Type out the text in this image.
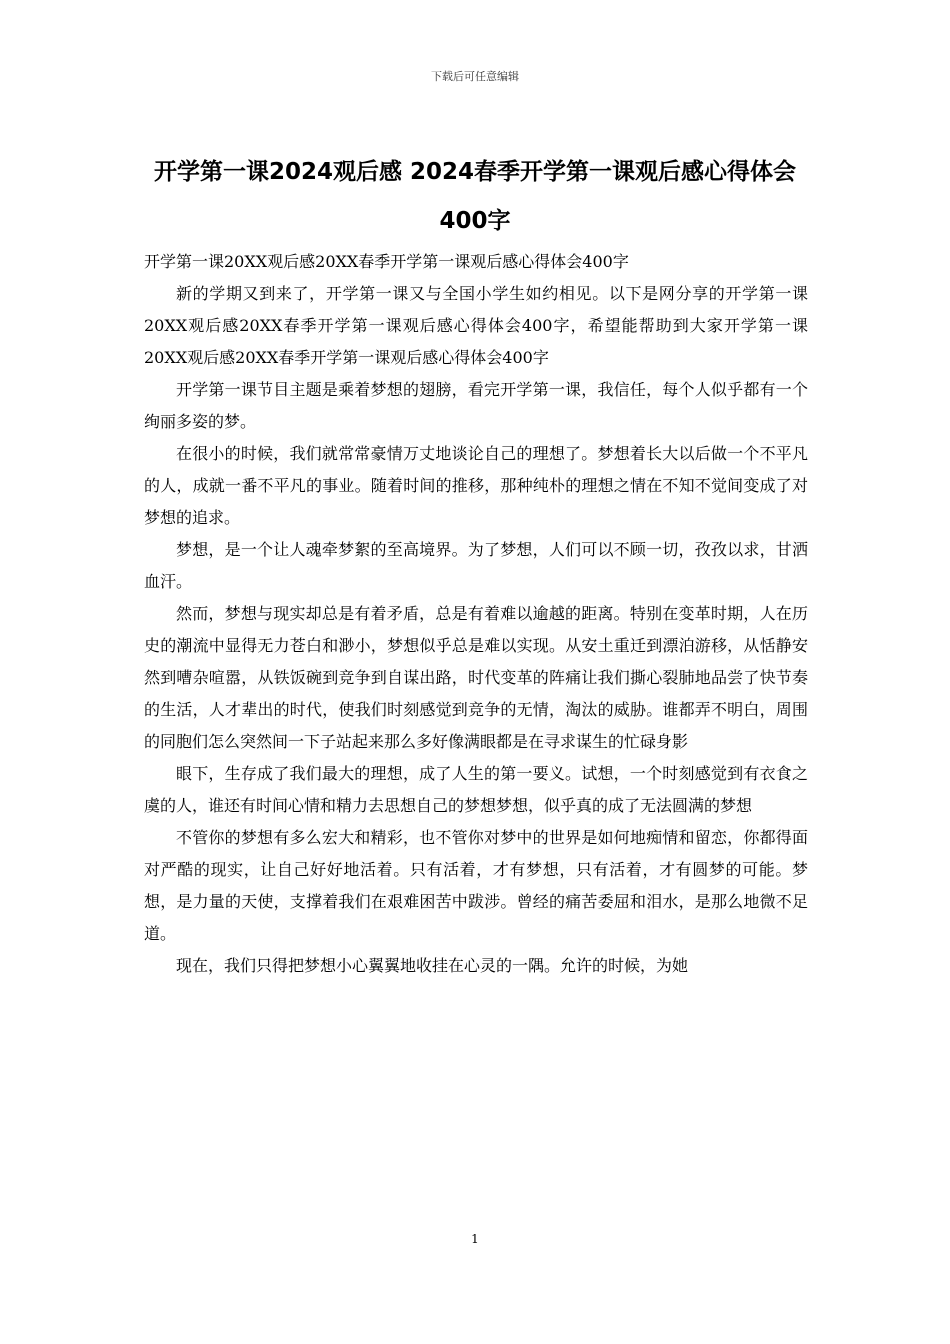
下载后可任意编辑
开学第一课2024观后感 2024春季开学第一课观后感心得体会400字

开学第一课20XX观后感20XX春季开学第一课观后感心得体会400字

新的学期又到来了，开学第一课又与全国小学生如约相见。以下是网分享的开学第一课20XX观后感20XX春季开学第一课观后感心得体会400字，希望能帮助到大家开学第一课20XX观后感20XX春季开学第一课观后感心得体会400字

开学第一课节目主题是乘着梦想的翅膀，看完开学第一课，我信任，每个人似乎都有一个绚丽多姿的梦。

在很小的时候，我们就常常豪情万丈地谈论自己的理想了。梦想着长大以后做一个不平凡的人，成就一番不平凡的事业。随着时间的推移，那种纯朴的理想之情在不知不觉间变成了对梦想的追求。

梦想，是一个让人魂牵梦絮的至高境界。为了梦想，人们可以不顾一切，孜孜以求，甘洒血汗。

然而，梦想与现实却总是有着矛盾，总是有着难以逾越的距离。特别在变革时期，人在历史的潮流中显得无力苍白和渺小，梦想似乎总是难以实现。从安土重迁到漂泊游移，从恬静安然到嘈杂喧嚣，从铁饭碗到竞争到自谋出路，时代变革的阵痛让我们撕心裂肺地品尝了快节奏的生活，人才辈出的时代，使我们时刻感觉到竞争的无情，淘汰的威胁。谁都弄不明白，周围的同胞们怎么突然间一下子站起来那么多好像满眼都是在寻求谋生的忙碌身影

眼下，生存成了我们最大的理想，成了人生的第一要义。试想，一个时刻感觉到有衣食之虞的人，谁还有时间心情和精力去思想自己的梦想梦想，似乎真的成了无法圆满的梦想

不管你的梦想有多么宏大和精彩，也不管你对梦中的世界是如何地痴情和留恋，你都得面对严酷的现实，让自己好好地活着。只有活着，才有梦想，只有活着，才有圆梦的可能。梦想，是力量的天使，支撑着我们在艰难困苦中跋涉。曾经的痛苦委屈和泪水，是那么地微不足道。

现在，我们只得把梦想小心翼翼地收挂在心灵的一隅。允许的时候，为她

1
